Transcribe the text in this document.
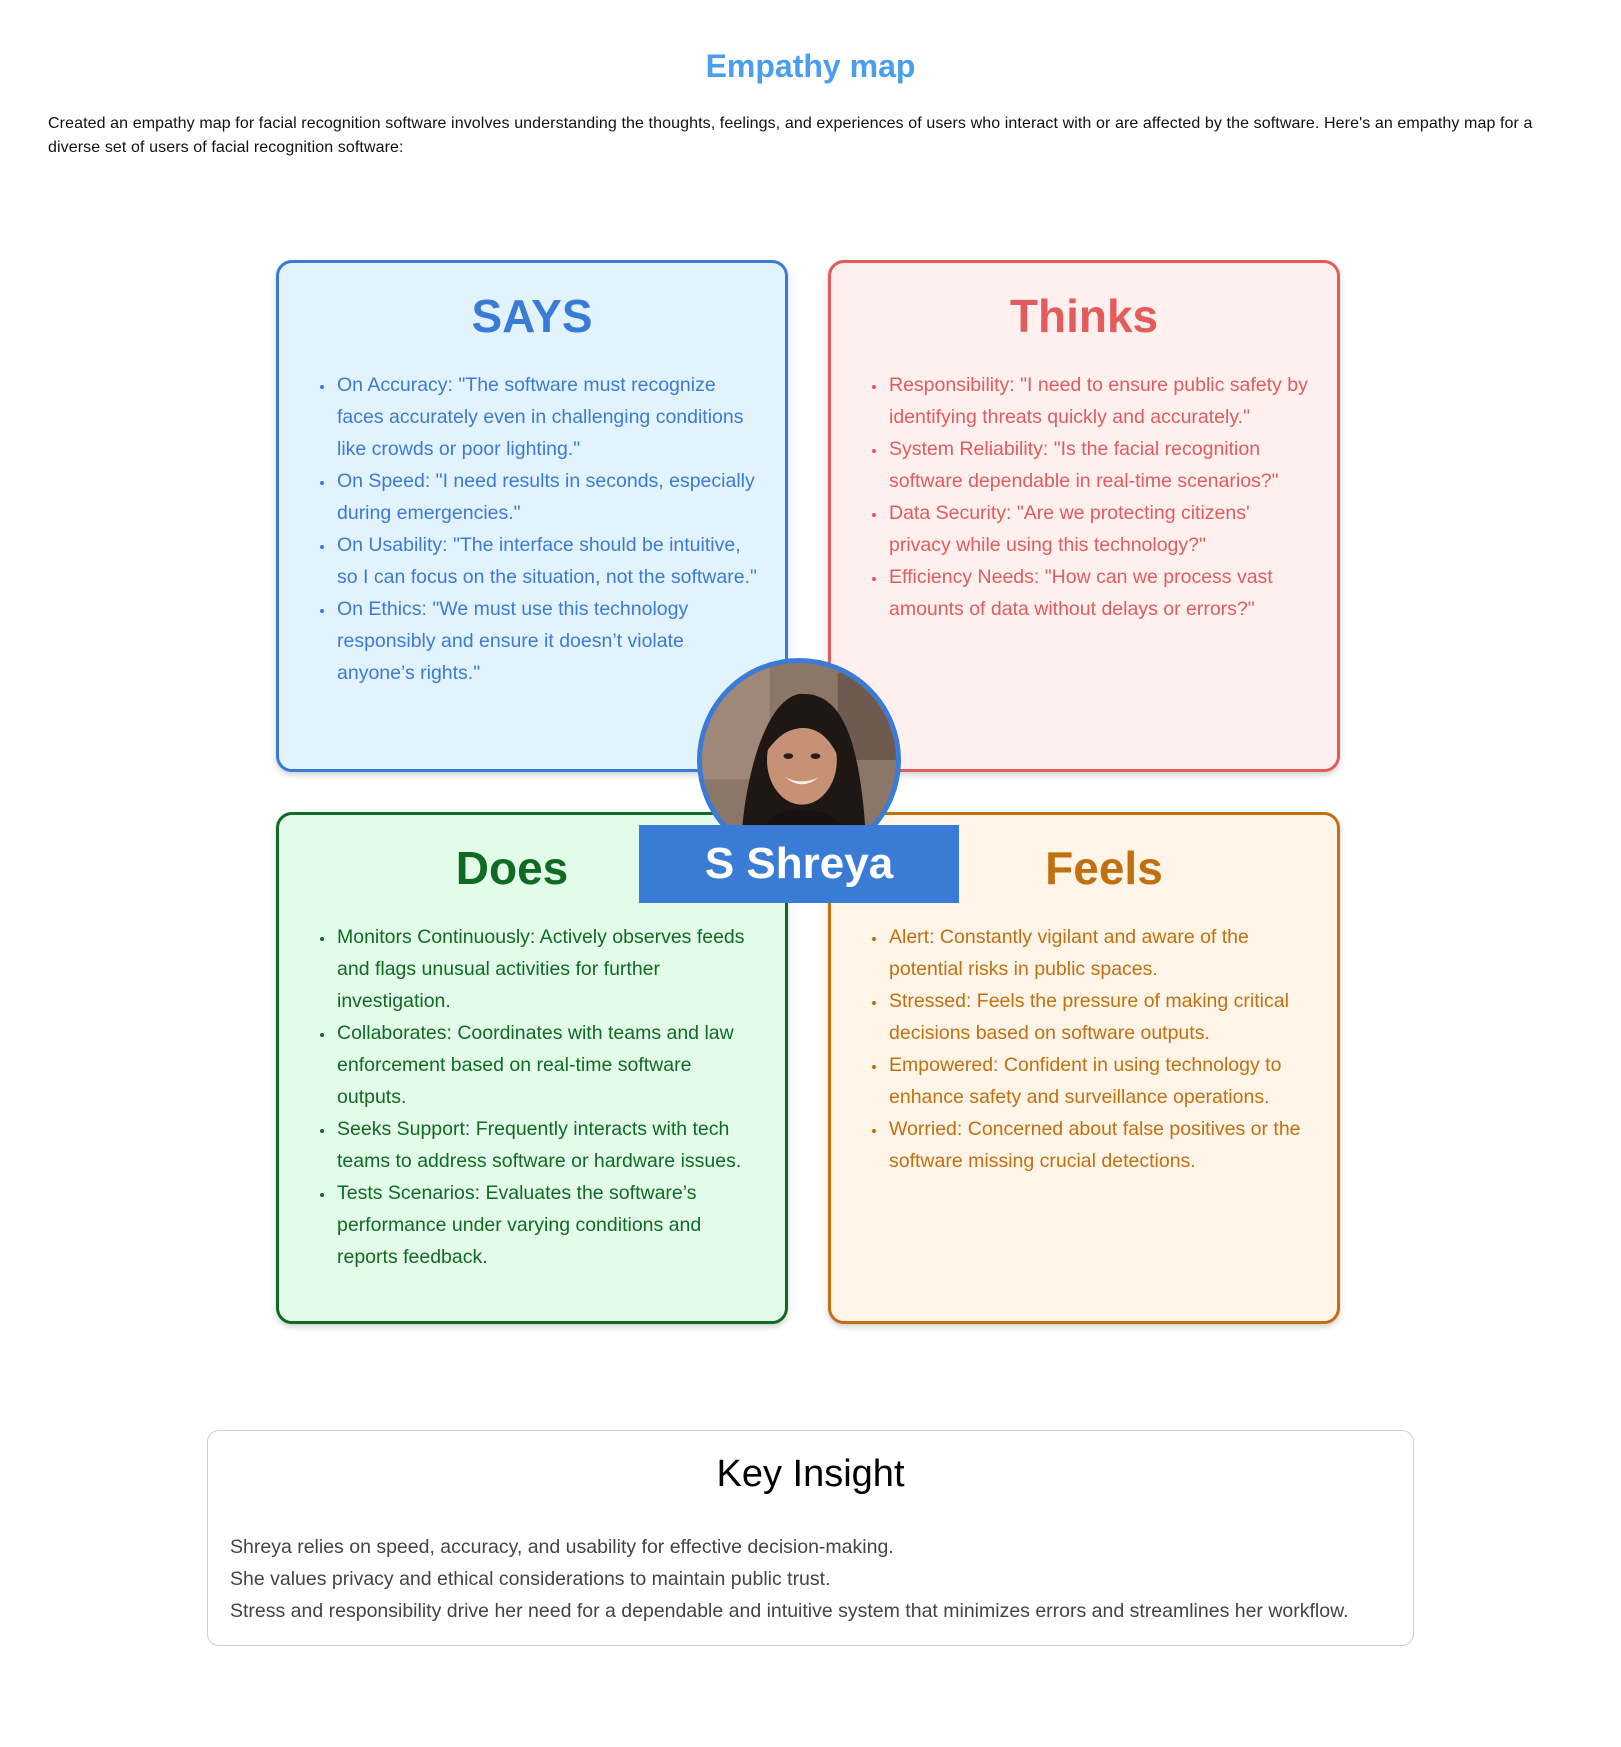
Empathy map

Created an empathy map for facial recognition software involves understanding the thoughts, feelings, and experiences of users who interact with or are affected by the software. Here's an empathy map for a diverse set of users of facial recognition software:

SAYS
• On Accuracy: "The software must recognize faces accurately even in challenging conditions like crowds or poor lighting."
• On Speed: "I need results in seconds, especially during emergencies."
• On Usability: "The interface should be intuitive, so I can focus on the situation, not the software."
• On Ethics: "We must use this technology responsibly and ensure it doesn’t violate anyone’s rights."
Thinks
• Responsibility: "I need to ensure public safety by identifying threats quickly and accurately."
• System Reliability: "Is the facial recognition software dependable in real-time scenarios?"
• Data Security: "Are we protecting citizens' privacy while using this technology?"
• Efficiency Needs: "How can we process vast amounts of data without delays or errors?"
Does
• Monitors Continuously: Actively observes feeds and flags unusual activities for further investigation.
• Collaborates: Coordinates with teams and law enforcement based on real-time software outputs.
• Seeks Support: Frequently interacts with tech teams to address software or hardware issues.
• Tests Scenarios: Evaluates the software’s performance under varying conditions and reports feedback.
Feels
• Alert: Constantly vigilant and aware of the potential risks in public spaces.
• Stressed: Feels the pressure of making critical decisions based on software outputs.
• Empowered: Confident in using technology to enhance safety and surveillance operations.
• Worried: Concerned about false positives or the software missing crucial detections.
S Shreya
Key Insight
Shreya relies on speed, accuracy, and usability for effective decision-making.
She values privacy and ethical considerations to maintain public trust.
Stress and responsibility drive her need for a dependable and intuitive system that minimizes errors and streamlines her workflow.
